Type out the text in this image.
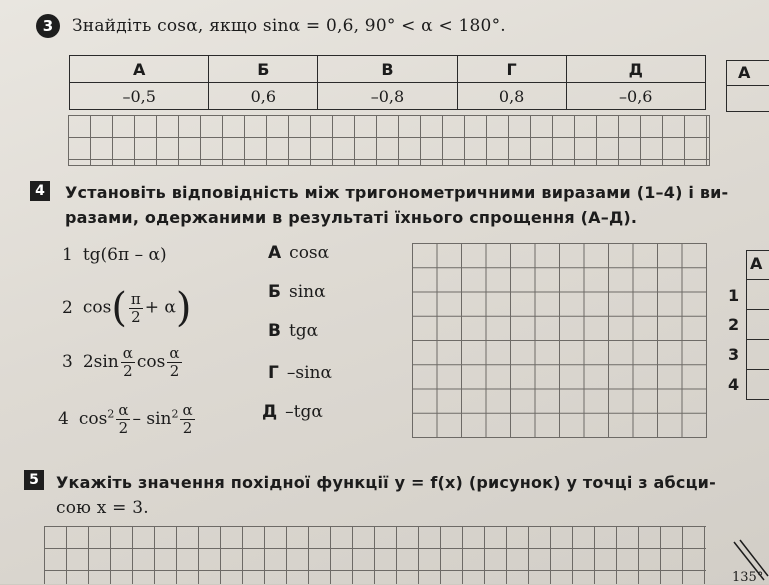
3	Знайдіть cosα, якщо sinα = 0,6, 90° < α < 180°.
А	Б	В	Г	Д
–0,5	0,6	–0,8	0,8	–0,6
А
4	Установіть відповідність між тригонометричними виразами (1–4) і ви-
разами, одержаними в результаті їхнього спрощення (А–Д).
1 tg(6π – α)
2 $\cos( \frac{\pi}{2} + \alpha)$
3 $2\sin \frac{\alpha}{2}$ $\cos \frac{\alpha}{2}$
4 $\cos^2 \frac{\alpha}{2} - \sin^2 \frac{\alpha}{2}$
А cosα
Б sinα
В tgα
Г –sinα
Д –tgα
А
1
2
3
4
5	Укажіть значення похідної функції y = f(x) (рисунок) у точці з абсци-
сою x = 3.
135°
